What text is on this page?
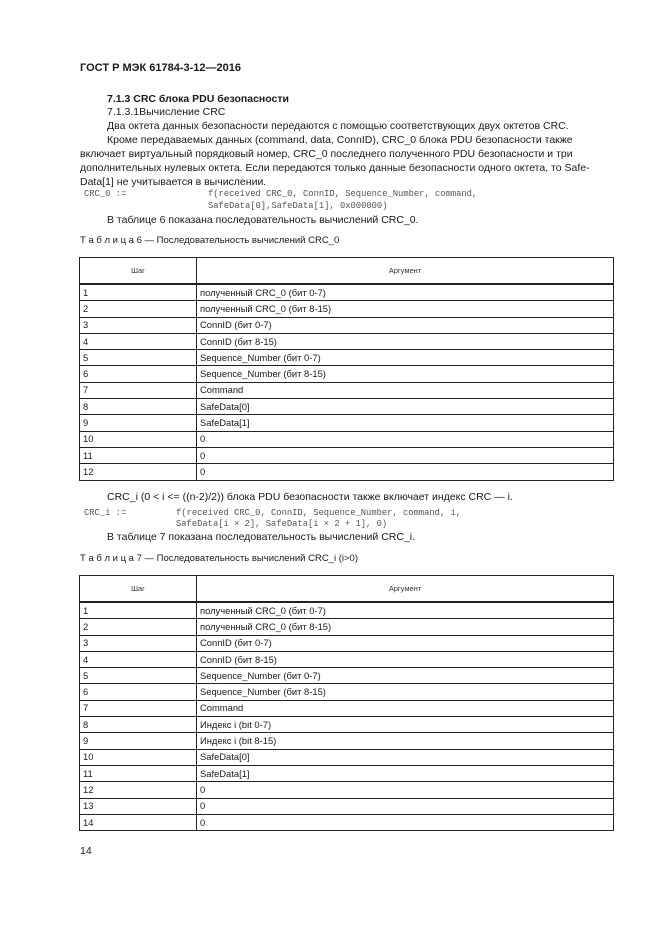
ГОСТ Р МЭК 61784-3-12—2016
7.1.3 CRC блока PDU безопасности
7.1.3.1Вычисление CRC
Два октета данных безопасности передаются с помощью соответствующих двух октетов CRC.
Кроме передаваемых данных (command, data, ConnID), CRC_0 блока PDU безопасности также
включает виртуальный порядковый номер, CRC_0 последнего полученного PDU безопасности и три
дополнительных нулевых октета. Если передаются только данные безопасности одного октета, то Safe-
Data[1] не учитывается в вычислении.
CRC_0 :=	f(received CRC_0, ConnID, Sequence_Number, command,
SafeData[0],SafeData[1], 0x000000)
В таблице 6 показана последовательность вычислений CRC_0.
Т а б л и ц а 6 — Последовательность вычислений CRC_0
Шаг	Аргумент
1	полученный CRC_0 (бит 0-7)
2	полученный CRC_0 (бит 8-15)
3	ConnID (бит 0-7)
4	ConnID (бит 8-15)
5	Sequence_Number (бит 0-7)
6	Sequence_Number (бит 8-15)
7	Command
8	SafeData[0]
9	SafeData[1]
10	0
11	0
12	0
CRC_i (0 < i <= ((n-2)/2)) блока PDU безопасности также включает индекс CRC — i.
CRC_i :=	f(received CRC_0, ConnID, Sequence_Number, command, i,
SafeData[i × 2], SafeData[i × 2 + 1], 0)
В таблице 7 показана последовательность вычислений CRC_i.
Т а б л и ц а 7 — Последовательность вычислений CRC_i (i>0)
Шаг	Аргумент
1	полученный CRC_0 (бит 0-7)
2	полученный CRC_0 (бит 8-15)
3	ConnID (бит 0-7)
4	ConnID (бит 8-15)
5	Sequence_Number (бит 0-7)
6	Sequence_Number (бит 8-15)
7	Command
8	Индекс i (bit 0-7)
9	Индекс i (bit 8-15)
10	SafeData[0]
11	SafeData[1]
12	0
13	0
14	0
14
